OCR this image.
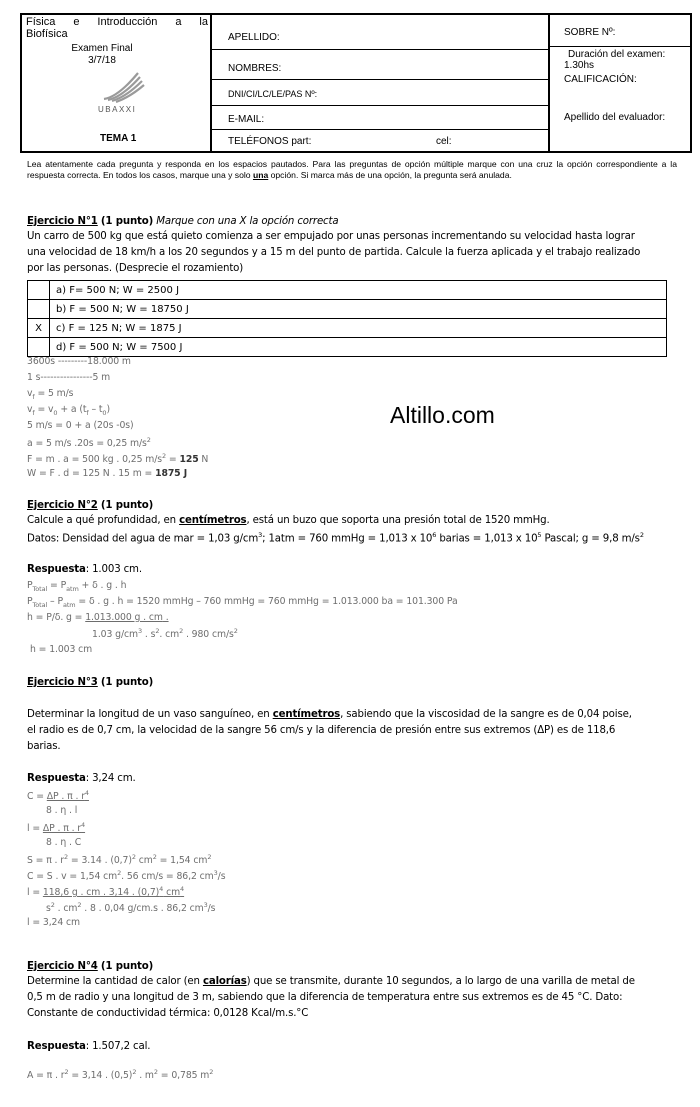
Física e Introducción a la
Biofísica
Examen Final
3/7/18
UBAXXI
TEMA 1
APELLIDO:
NOMBRES:
DNI/CI/LC/LE/PAS Nº:
E-MAIL:
TELÉFONOS part:	cel:
SOBRE Nº:
Duración del examen:
1.30hs
CALIFICACIÓN:
Apellido del evaluador:
Lea atentamente cada pregunta y responda en los espacios pautados. Para las preguntas de opción múltiple marque con una cruz la opción correspondiente a la respuesta correcta. En todos los casos, marque una y solo una opción. Si marca más de una opción, la pregunta será anulada.
Altillo.com
Ejercicio N°1 (1 punto) Marque con una X la opción correcta
Un carro de 500 kg que está quieto comienza a ser empujado por unas personas incrementando su velocidad hasta lograr
una velocidad de 18 km/h a los 20 segundos y a 15 m del punto de partida. Calcule la fuerza aplicada y el trabajo realizado
por las personas. (Desprecie el rozamiento)
	a) F= 500 N; W = 2500 J
	b) F = 500 N; W = 18750 J
X	c) F = 125 N; W = 1875 J
	d) F = 500 N; W = 7500 J
3600s ---------18.000 m
1 s----------------5 m
$v_f = 5$ m/s
$v_f = v_0 + a$ $(t_f - t_0)$
5 m/s = 0 + a (20s -0s)
a = 5 m/s .20s = 0,25 $m/s^2$
F = m . a = 500 kg . 0,25 $m/s^2 = 125$ N
W = F . d = 125 N . 15 m = 1875 J
Ejercicio N°2 (1 punto)
Calcule a qué profundidad, en centímetros, está un buzo que soporta una presión total de 1520 mmHg.
Datos: Densidad del agua de mar = 1,03 $g/cm^3$; 1atm = 760 mmHg = 1,013 x $10^6$ barias = 1,013 x $10^5$ Pascal; g = 9,8 $m/s^2$
Respuesta: 1.003 cm.
$P_{Total} = P_{atm} + \delta$ . g . h
$P_{Total} - P_{atm} = \delta$ . g . h = 1520 mmHg – 760 mmHg = 760 mmHg = 1.013.000 ba = 101.300 Pa
h = P/δ. g = 1.013.000 g . cm .
1.03 $g/cm^3$ . $s^2$. $cm^2$ . 980 $cm/s^2$
h = 1.003 cm
Ejercicio N°3 (1 punto)
Determinar la longitud de un vaso sanguíneo, en centímetros, sabiendo que la viscosidad de la sangre es de 0,04 poise,
el radio es de 0,7 cm, la velocidad de la sangre 56 cm/s y la diferencia de presión entre sus extremos (ΔP) es de 118,6
barias.
Respuesta: 3,24 cm.
C = ΔP . π . $r^4$
8 . η . l
l = ΔP . π . $r^4$
8 . η . C
S = π . $r^2 = 3.14$ . $(0,7)^2$ $cm^2 = 1,54$ $cm^2$
C = S . v = 1,54 $cm^2$. 56 cm/s = 86,2 $cm^3/s$
l = 118,6 g . cm . 3,14 . $(0,7)^4$ $cm^4$
$s^2$ . $cm^2$ . 8 . 0,04 g/cm.s . 86,2 $cm^3/s$
l = 3,24 cm
Ejercicio N°4 (1 punto)
Determine la cantidad de calor (en calorías) que se transmite, durante 10 segundos, a lo largo de una varilla de metal de
0,5 m de radio y una longitud de 3 m, sabiendo que la diferencia de temperatura entre sus extremos es de 45 °C. Dato:
Constante de conductividad térmica: 0,0128 Kcal/m.s.°C
Respuesta: 1.507,2 cal.
A = π . $r^2 = 3,14$ . $(0,5)^2$ . $m^2 = 0,785$ $m^2$
